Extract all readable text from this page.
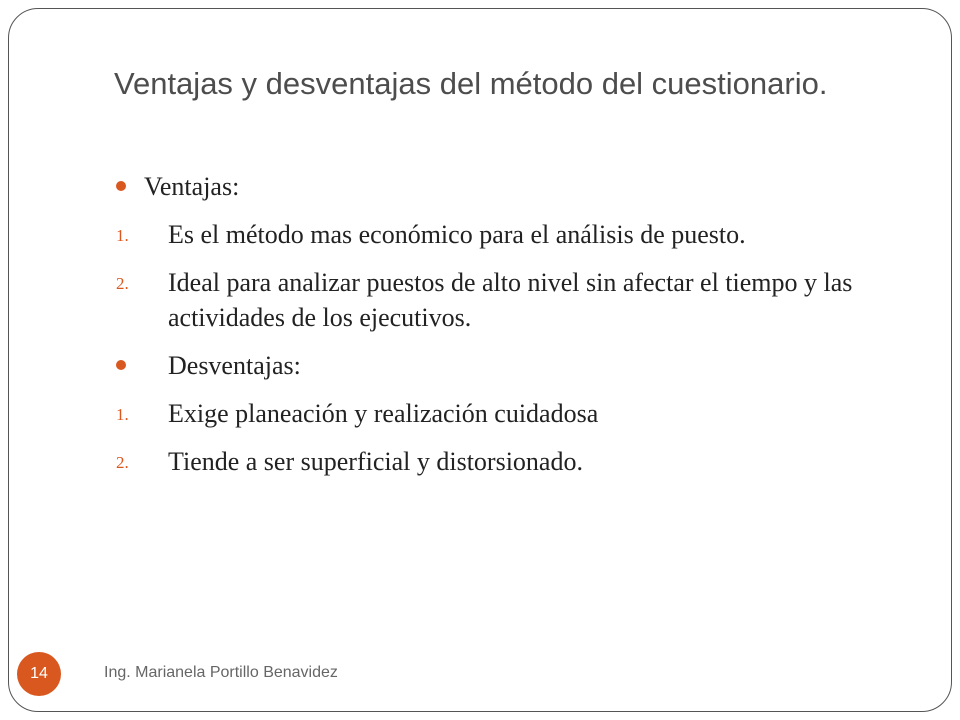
Ventajas y desventajas del método del cuestionario.
Ventajas:
1.	Es el método mas económico para el análisis de puesto.
2.	Ideal para analizar puestos de alto nivel sin afectar el tiempo y las actividades de los ejecutivos.
Desventajas:
1.	Exige planeación y realización cuidadosa
2.	Tiende a ser superficial y distorsionado.
14	Ing. Marianela Portillo Benavidez
